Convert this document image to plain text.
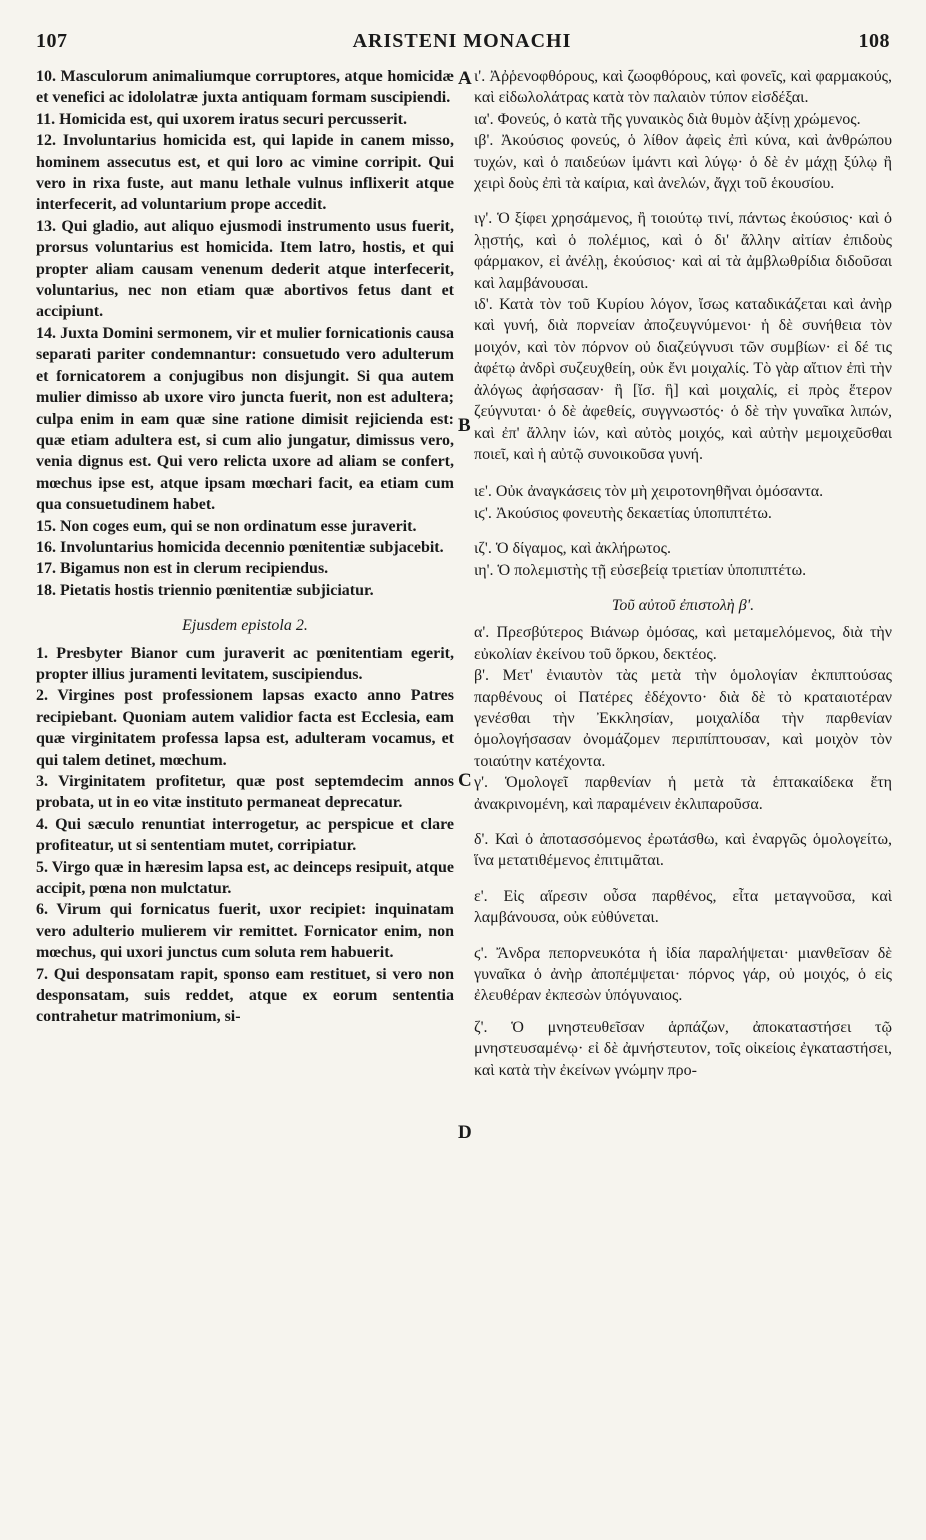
107	ARISTENI MONACHI	108

10. Masculorum animaliumque corruptores, atque homicidæ et venefici ac idololatræ juxta antiquam formam suscipiendi.

11. Homicida est, qui uxorem iratus securi percusserit.

12. Involuntarius homicida est, qui lapide in canem misso, hominem assecutus est, et qui loro ac vimine corripit. Qui vero in rixa fuste, aut manu lethale vulnus inflixerit atque interfecerit, ad voluntarium prope accedit.

13. Qui gladio, aut aliquo ejusmodi instrumento usus fuerit, prorsus voluntarius est homicida. Item latro, hostis, et qui propter aliam causam venenum dederit atque interfecerit, voluntarius, nec non etiam quæ abortivos fetus dant et accipiunt.

14. Juxta Domini sermonem, vir et mulier fornicationis causa separati pariter condemnantur: consuetudo vero adulterum et fornicatorem a conjugibus non disjungit. Si qua autem mulier dimisso ab uxore viro juncta fuerit, non est adultera; culpa enim in eam quæ sine ratione dimisit rejicienda est: quæ etiam adultera est, si cum alio jungatur, dimissus vero, venia dignus est. Qui vero relicta uxore ad aliam se confert, mœchus ipse est, atque ipsam mœchari facit, ea etiam cum qua consuetudinem habet.

15. Non coges eum, qui se non ordinatum esse juraverit.

16. Involuntarius homicida decennio pœnitentiæ subjacebit.

17. Bigamus non est in clerum recipiendus.

18. Pietatis hostis triennio pœnitentiæ subjiciatur.

Ejusdem epistola 2.

1. Presbyter Bianor cum juraverit ac pœnitentiam egerit, propter illius juramenti levitatem, suscipiendus.

2. Virgines post professionem lapsas exacto anno Patres recipiebant. Quoniam autem validior facta est Ecclesia, eam quæ virginitatem professa lapsa est, adulteram vocamus, et qui talem detinet, mœchum.

3. Virginitatem profitetur, quæ post septemdecim annos probata, ut in eo vitæ instituto permaneat deprecatur.

4. Qui sæculo renuntiat interrogetur, ac perspicue et clare profiteatur, ut si sententiam mutet, corripiatur.

5. Virgo quæ in hæresim lapsa est, ac deinceps resipuit, atque accipit, pœna non mulctatur.

6. Virum qui fornicatus fuerit, uxor recipiet: inquinatam vero adulterio mulierem vir remittet. Fornicator enim, non mœchus, qui uxori junctus cum soluta rem habuerit.

7. Qui desponsatam rapit, sponso eam restituet, si vero non desponsatam, suis reddet, atque ex eorum sententia contrahetur matrimonium, si-

A
B
C
D

ι'. Ἀῤῥενοφθόρους, καὶ ζωοφθόρους, καὶ φονεῖς, καὶ φαρμακούς, καὶ εἰδωλολάτρας κατὰ τὸν παλαιὸν τύπον εἰσδέξαι.

ια'. Φονεύς, ὁ κατὰ τῆς γυναικὸς διὰ θυμὸν ἀξίνῃ χρώμενος.

ιβ'. Ἀκούσιος φονεύς, ὁ λίθον ἀφεὶς ἐπὶ κύνα, καὶ ἀνθρώπου τυχών, καὶ ὁ παιδεύων ἱμάντι καὶ λύγῳ· ὁ δὲ ἐν μάχῃ ξύλῳ ἢ χειρὶ δοὺς ἐπὶ τὰ καίρια, καὶ ἀνελών, ἄγχι τοῦ ἑκουσίου.

ιγ'. Ὁ ξίφει χρησάμενος, ἢ τοιούτῳ τινί, πάντως ἑκούσιος· καὶ ὁ λῃστής, καὶ ὁ πολέμιος, καὶ ὁ δι' ἄλλην αἰτίαν ἐπιδοὺς φάρμακον, εἰ ἀνέλῃ, ἑκούσιος· καὶ αἱ τὰ ἀμβλωθρίδια διδοῦσαι καὶ λαμβάνουσαι.

ιδ'. Κατὰ τὸν τοῦ Κυρίου λόγον, ἴσως καταδικάζεται καὶ ἀνὴρ καὶ γυνή, διὰ πορνείαν ἀποζευγνύμενοι· ἡ δὲ συνήθεια τὸν μοιχόν, καὶ τὸν πόρνον οὐ διαζεύγνυσι τῶν συμβίων· εἰ δέ τις ἀφέτῳ ἀνδρὶ συζευχθείη, οὐκ ἔνι μοιχαλίς. Τὸ γὰρ αἴτιον ἐπὶ τὴν ἀλόγως ἀφήσασαν· ἢ [ἴσ. ἣ] καὶ μοιχαλίς, εἰ πρὸς ἕτερον ζεύγνυται· ὁ δὲ ἀφεθείς, συγγνωστός· ὁ δὲ τὴν γυναῖκα λιπών, καὶ ἐπ' ἄλλην ἰών, καὶ αὐτὸς μοιχός, καὶ αὐτὴν μεμοιχεῦσθαι ποιεῖ, καὶ ἡ αὐτῷ συνοικοῦσα γυνή.

ιε'. Οὐκ ἀναγκάσεις τὸν μὴ χειροτονηθῆναι ὀμόσαντα.

ιϛ'. Ἀκούσιος φονευτὴς δεκαετίας ὑποπιπτέτω.

ιζ'. Ὁ δίγαμος, καὶ ἀκλήρωτος.

ιη'. Ὁ πολεμιστὴς τῇ εὐσεβείᾳ τριετίαν ὑποπιπτέτω.

Τοῦ αὐτοῦ ἐπιστολὴ β'.

α'. Πρεσβύτερος Βιάνωρ ὀμόσας, καὶ μεταμελόμενος, διὰ τὴν εὐκολίαν ἐκείνου τοῦ ὅρκου, δεκτέος.

β'. Μετ' ἐνιαυτὸν τὰς μετὰ τὴν ὁμολογίαν ἐκπιπτούσας παρθένους οἱ Πατέρες ἐδέχοντο· διὰ δὲ τὸ κραταιοτέραν γενέσθαι τὴν Ἐκκλησίαν, μοιχαλίδα τὴν παρθενίαν ὁμολογήσασαν ὀνομάζομεν περιπίπτουσαν, καὶ μοιχὸν τὸν τοιαύτην κατέχοντα.

γ'. Ὁμολογεῖ παρθενίαν ἡ μετὰ τὰ ἑπτακαίδεκα ἔτη ἀνακρινομένη, καὶ παραμένειν ἐκλιπαροῦσα.

δ'. Καὶ ὁ ἀποτασσόμενος ἐρωτάσθω, καὶ ἐναργῶς ὁμολογείτω, ἵνα μετατιθέμενος ἐπιτιμᾶται.

ε'. Εἰς αἵρεσιν οὖσα παρθένος, εἶτα μεταγνοῦσα, καὶ λαμβάνουσα, οὐκ εὐθύνεται.

ϛ'. Ἄνδρα πεπορνευκότα ἡ ἰδία παραλήψεται· μιανθεῖσαν δὲ γυναῖκα ὁ ἀνὴρ ἀποπέμψεται· πόρνος γάρ, οὐ μοιχός, ὁ εἰς ἐλευθέραν ἐκπεσὼν ὑπόγυναιος.

ζ'. Ὁ μνηστευθεῖσαν ἁρπάζων, ἀποκαταστήσει τῷ μνηστευσαμένῳ· εἰ δὲ ἀμνήστευτον, τοῖς οἰκείοις ἐγκαταστήσει, καὶ κατὰ τὴν ἐκείνων γνώμην προ-
